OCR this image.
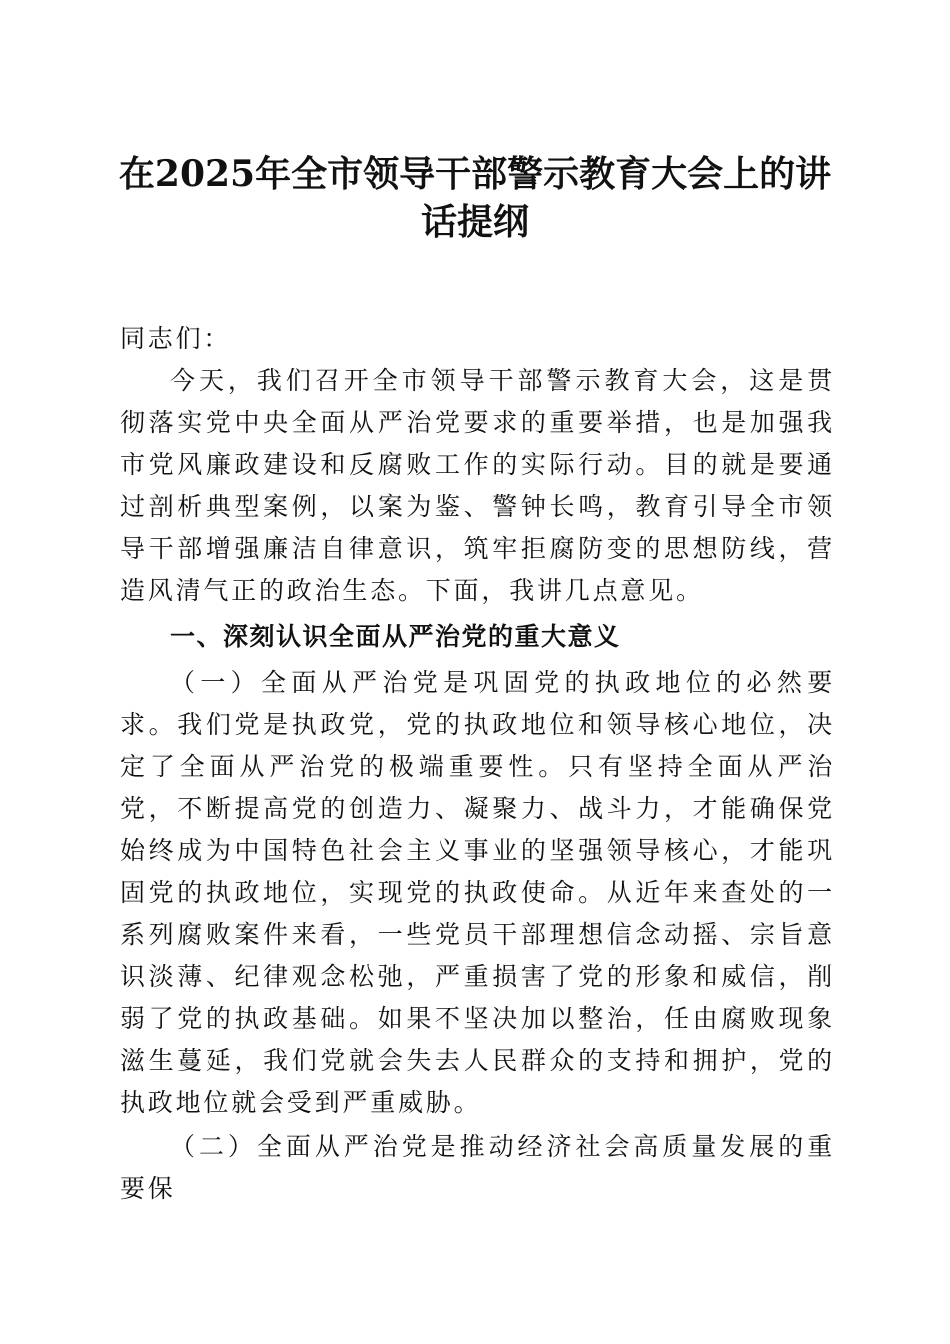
在2025年全市领导干部警示教育大会上的讲
话提纲

同志们：

今天，我们召开全市领导干部警示教育大会，这是贯彻落实党中央全面从严治党要求的重要举措，也是加强我市党风廉政建设和反腐败工作的实际行动。目的就是要通过剖析典型案例，以案为鉴、警钟长鸣，教育引导全市领导干部增强廉洁自律意识，筑牢拒腐防变的思想防线，营造风清气正的政治生态。下面，我讲几点意见。

一、深刻认识全面从严治党的重大意义

（一）全面从严治党是巩固党的执政地位的必然要求。我们党是执政党，党的执政地位和领导核心地位，决定了全面从严治党的极端重要性。只有坚持全面从严治党，不断提高党的创造力、凝聚力、战斗力，才能确保党始终成为中国特色社会主义事业的坚强领导核心，才能巩固党的执政地位，实现党的执政使命。从近年来查处的一系列腐败案件来看，一些党员干部理想信念动摇、宗旨意识淡薄、纪律观念松弛，严重损害了党的形象和威信，削弱了党的执政基础。如果不坚决加以整治，任由腐败现象滋生蔓延，我们党就会失去人民群众的支持和拥护，党的执政地位就会受到严重威胁。

（二）全面从严治党是推动经济社会高质量发展的重要保
